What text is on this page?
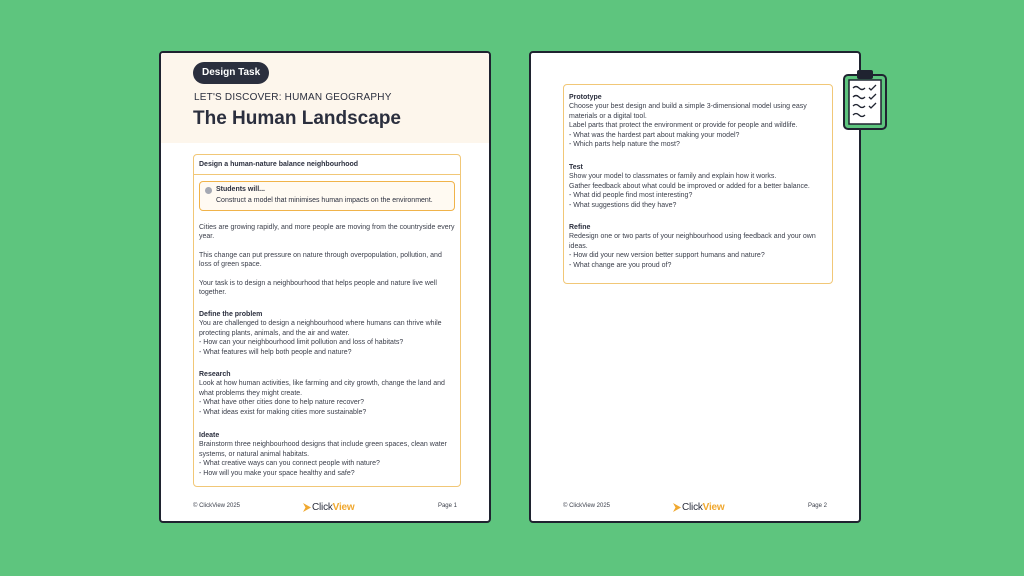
Design Task
LET'S DISCOVER: HUMAN GEOGRAPHY
The Human Landscape
Design a human-nature balance neighbourhood
Students will...
Construct a model that minimises human impacts on the environment.

Cities are growing rapidly, and more people are moving from the countryside every year.

This change can put pressure on nature through overpopulation, pollution, and loss of green space.

Your task is to design a neighbourhood that helps people and nature live well together.

Define the problem

You are challenged to design a neighbourhood where humans can thrive while protecting plants, animals, and the air and water.

- How can your neighbourhood limit pollution and loss of habitats?

- What features will help both people and nature?

Research

Look at how human activities, like farming and city growth, change the land and what problems they might create.

- What have other cities done to help nature recover?

- What ideas exist for making cities more sustainable?

Ideate

Brainstorm three neighbourhood designs that include green spaces, clean water systems, or natural animal habitats.

- What creative ways can you connect people with nature?

- How will you make your space healthy and safe?

© ClickView 2025	ClickView	Page 1

Prototype

Choose your best design and build a simple 3-dimensional model using easy materials or a digital tool.

Label parts that protect the environment or provide for people and wildlife.

- What was the hardest part about making your model?

- Which parts help nature the most?

Test

Show your model to classmates or family and explain how it works.

Gather feedback about what could be improved or added for a better balance.

- What did people find most interesting?

- What suggestions did they have?

Refine

Redesign one or two parts of your neighbourhood using feedback and your own ideas.

- How did your new version better support humans and nature?

- What change are you proud of?

© ClickView 2025	ClickView	Page 2
